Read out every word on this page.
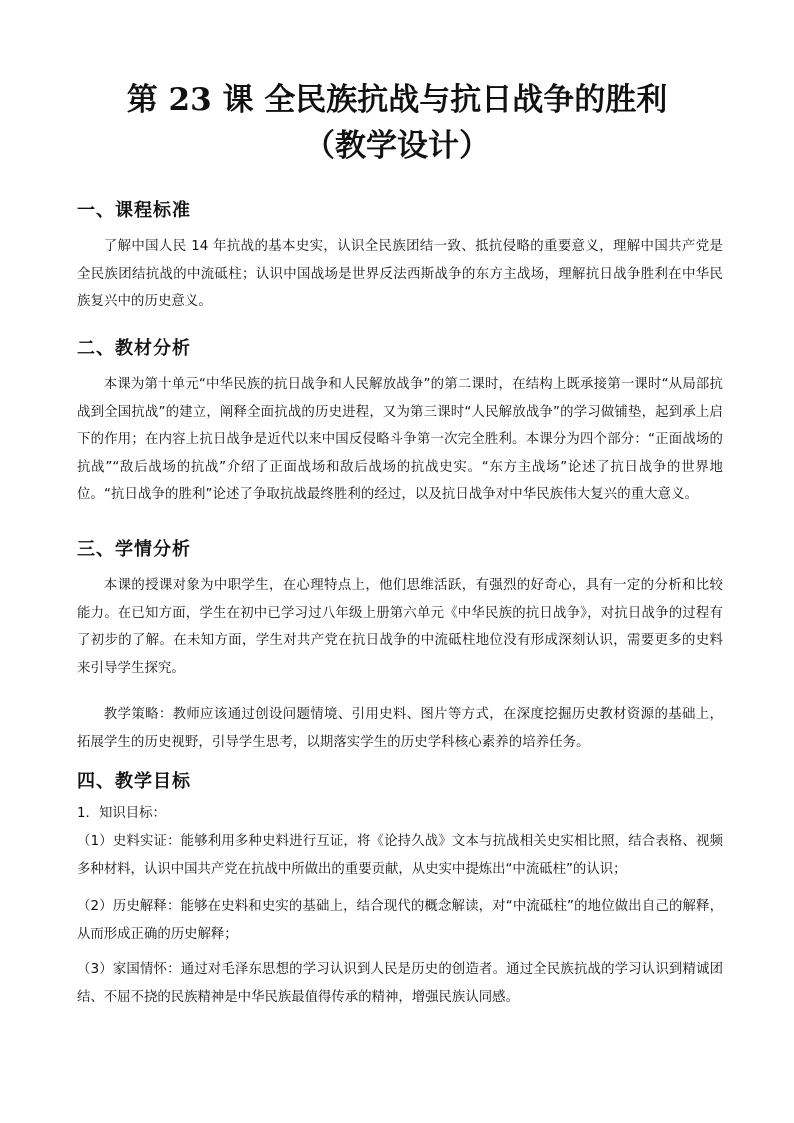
第 23 课 全民族抗战与抗日战争的胜利
（教学设计）
一、课程标准

了解中国人民 14 年抗战的基本史实，认识全民族团结一致、抵抗侵略的重要意义，理解中国共产党是全民族团结抗战的中流砥柱；认识中国战场是世界反法西斯战争的东方主战场，理解抗日战争胜利在中华民族复兴中的历史意义。

二、教材分析

本课为第十单元“中华民族的抗日战争和人民解放战争”的第二课时，在结构上既承接第一课时“从局部抗战到全国抗战”的建立，阐释全面抗战的历史进程，又为第三课时“人民解放战争”的学习做铺垫，起到承上启下的作用；在内容上抗日战争是近代以来中国反侵略斗争第一次完全胜利。本课分为四个部分：“正面战场的抗战”“敌后战场的抗战”介绍了正面战场和敌后战场的抗战史实。“东方主战场”论述了抗日战争的世界地位。“抗日战争的胜利”论述了争取抗战最终胜利的经过，以及抗日战争对中华民族伟大复兴的重大意义。

三、学情分析

本课的授课对象为中职学生，在心理特点上，他们思维活跃，有强烈的好奇心，具有一定的分析和比较能力。在已知方面，学生在初中已学习过八年级上册第六单元《中华民族的抗日战争》，对抗日战争的过程有了初步的了解。在未知方面，学生对共产党在抗日战争的中流砥柱地位没有形成深刻认识，需要更多的史料来引导学生探究。

教学策略：教师应该通过创设问题情境、引用史料、图片等方式，在深度挖掘历史教材资源的基础上，拓展学生的历史视野，引导学生思考，以期落实学生的历史学科核心素养的培养任务。

四、教学目标
1. 知识目标：

（1）史料实证：能够利用多种史料进行互证，将《论持久战》文本与抗战相关史实相比照，结合表格、视频多种材料，认识中国共产党在抗战中所做出的重要贡献，从史实中提炼出“中流砥柱”的认识；

（2）历史解释：能够在史料和史实的基础上，结合现代的概念解读，对“中流砥柱”的地位做出自己的解释，从而形成正确的历史解释；

（3）家国情怀：通过对毛泽东思想的学习认识到人民是历史的创造者。通过全民族抗战的学习认识到精诚团结、不屈不挠的民族精神是中华民族最值得传承的精神，增强民族认同感。
